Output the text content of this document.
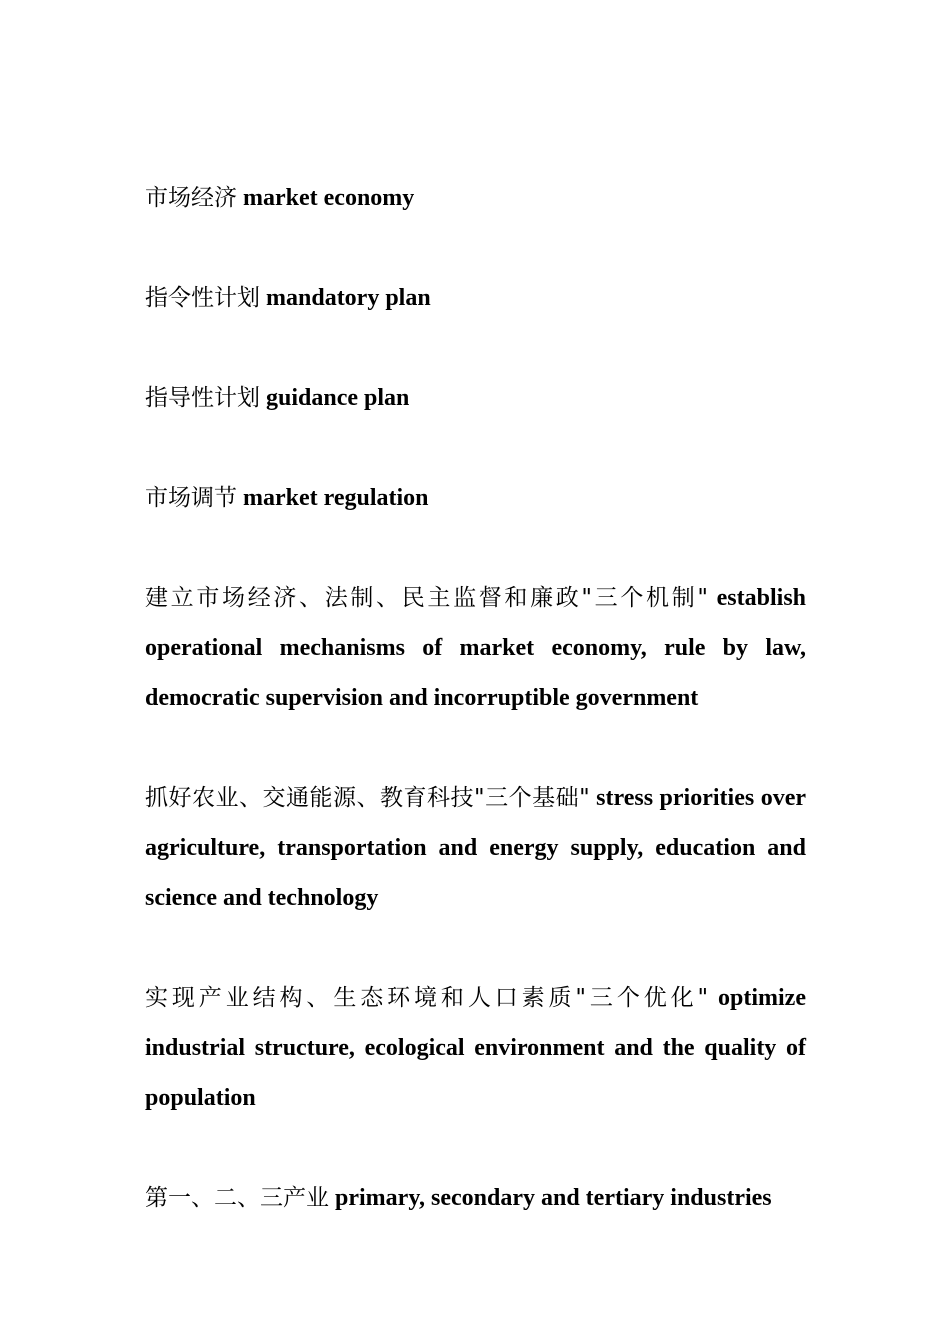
市场经济 market economy

指令性计划 mandatory plan

指导性计划 guidance plan

市场调节 market regulation

建立市场经济、法制、民主监督和廉政"三个机制" establish operational mechanisms of market economy, rule by law, democratic supervision and incorruptible government

抓好农业、交通能源、教育科技"三个基础" stress priorities over agriculture, transportation and energy supply, education and science and technology

实现产业结构、生态环境和人口素质"三个优化" optimize industrial structure, ecological environment and the quality of population

第一、二、三产业 primary, secondary and tertiary industries
